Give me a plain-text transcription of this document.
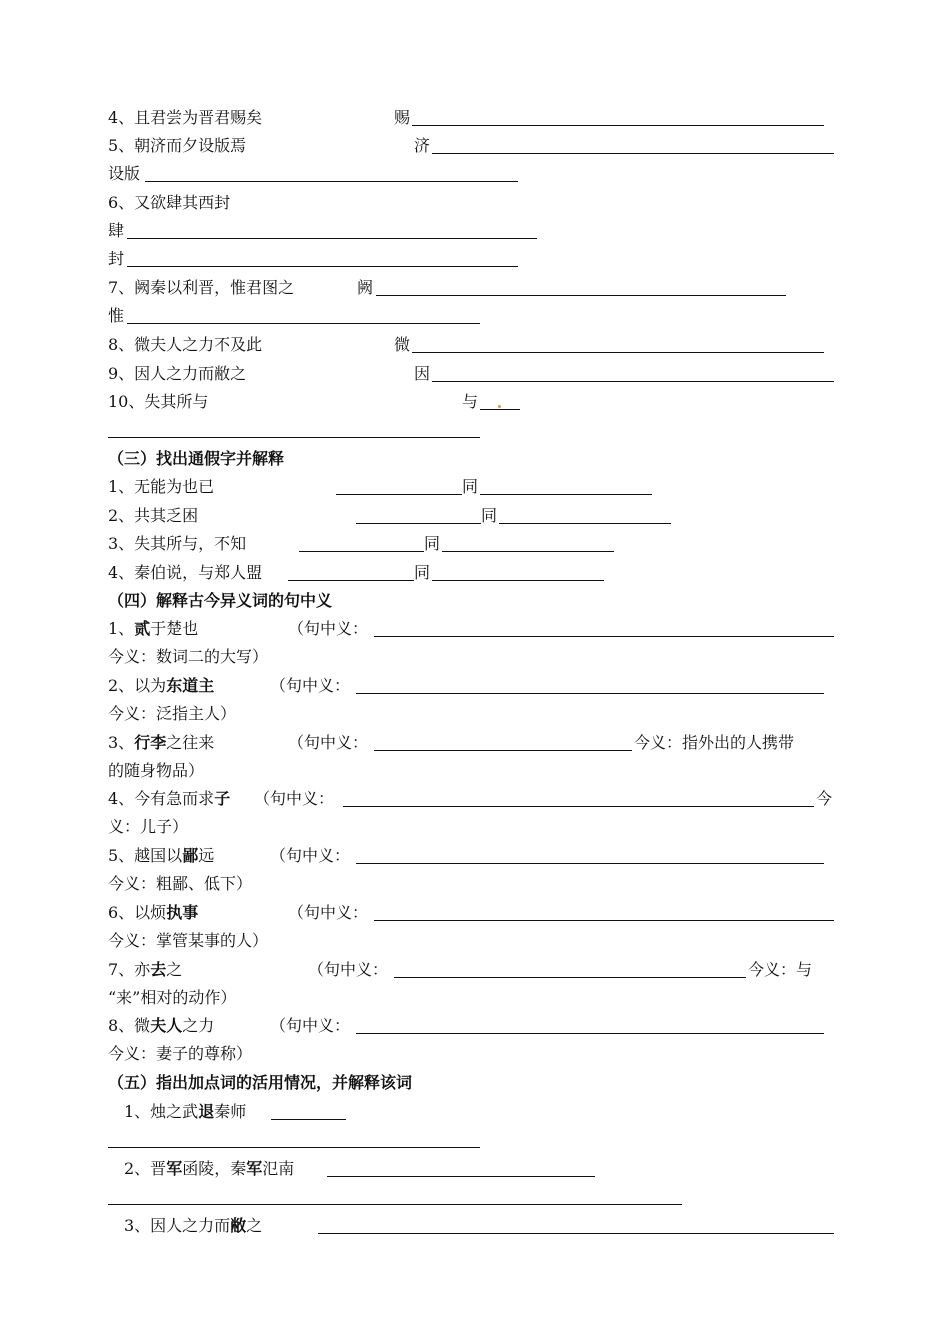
4、且君尝为晋君赐矣	赐
5、朝济而夕设版焉	济
设版
6、又欲肆其西封
肆
封
7、阙秦以利晋，惟君图之	阙
惟
8、微夫人之力不及此	微
9、因人之力而敝之	因
10、失其所与	与
（三）找出通假字并解释
1、无能为也已	同
2、共其乏困	同
3、失其所与，不知	同
4、秦伯说，与郑人盟	同
（四）解释古今异义词的句中义
1、贰于楚也	（句中义：
今义：数词二的大写）
2、以为东道主	（句中义：
今义：泛指主人）
3、行李之往来	（句中义：	今义：指外出的人携带
的随身物品）
4、今有急而求子 （句中义：	今
义：儿子）
5、越国以鄙远	（句中义：
今义：粗鄙、低下）
6、以烦执事	（句中义：
今义：掌管某事的人）
7、亦去之	（句中义：	今义：与
“来”相对的动作）
8、微夫人之力	（句中义：
今义：妻子的尊称）
（五）指出加点词的活用情况，并解释该词
1、烛之武退秦师
2、晋军函陵，秦军氾南
3、因人之力而敝之
